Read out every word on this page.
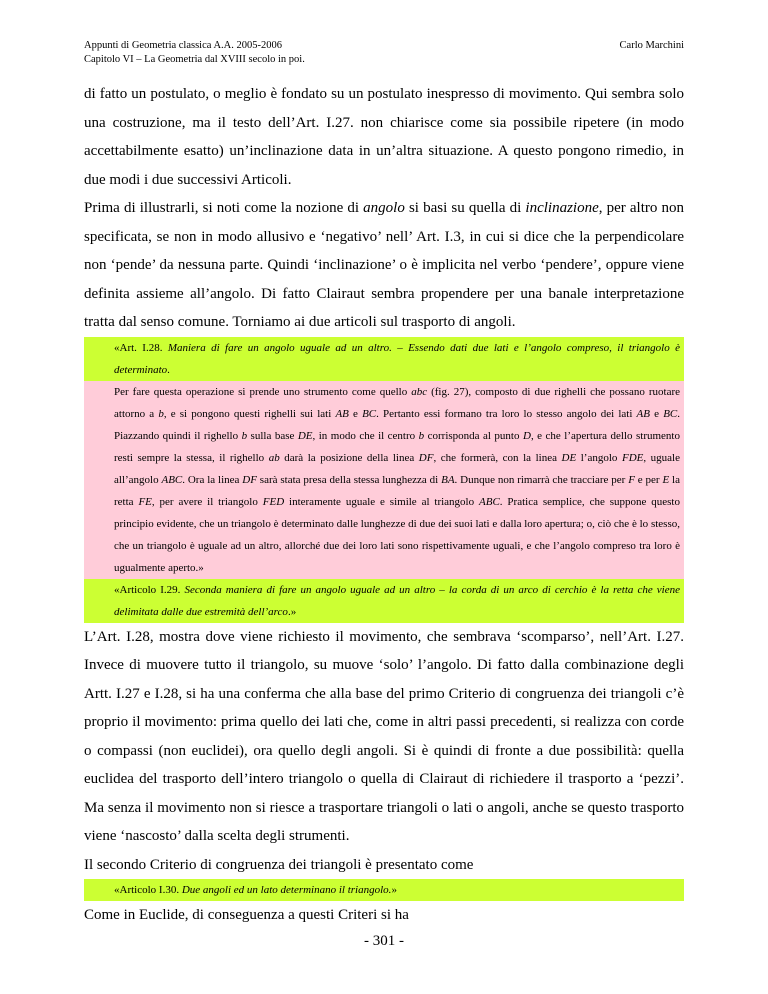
Appunti di Geometria classica A.A. 2005-2006
Capitolo VI – La Geometria dal XVIII secolo in poi.
Carlo Marchini

di fatto un postulato, o meglio è fondato su un postulato inespresso di movimento. Qui sembra solo una costruzione, ma il testo dell’Art. I.27. non chiarisce come sia possibile ripetere (in modo accettabilmente esatto) un’inclinazione data in un’altra situazione. A questo pongono rimedio, in due modi i due successivi Articoli.

Prima di illustrarli, si noti come la nozione di angolo si basi su quella di inclinazione, per altro non specificata, se non in modo allusivo e ‘negativo’ nell’ Art. I.3, in cui si dice che la perpendicolare non ‘pende’ da nessuna parte. Quindi ‘inclinazione’ o è implicita nel verbo ‘pendere’, oppure viene definita assieme all’angolo. Di fatto Clairaut sembra propendere per una banale interpretazione tratta dal senso comune. Torniamo ai due articoli sul trasporto di angoli.

«Art. I.28. Maniera di fare un angolo uguale ad un altro. – Essendo dati due lati e l’angolo compreso, il triangolo è determinato.

Per fare questa operazione si prende uno strumento come quello abc (fig. 27), composto di due righelli che possano ruotare attorno a b, e si pongono questi righelli sui lati AB e BC. Pertanto essi formano tra loro lo stesso angolo dei lati AB e BC. Piazzando quindi il righello b sulla base DE, in modo che il centro b corrisponda al punto D, e che l’apertura dello strumento resti sempre la stessa, il righello ab darà la posizione della linea DF, che formerà, con la linea DE l’angolo FDE, uguale all’angolo ABC. Ora la linea DF sarà stata presa della stessa lunghezza di BA. Dunque non rimarrà che tracciare per F e per E la retta FE, per avere il triangolo FED interamente uguale e simile al triangolo ABC. Pratica semplice, che suppone questo principio evidente, che un triangolo è determinato dalle lunghezze di due dei suoi lati e dalla loro apertura; o, ciò che è lo stesso, che un triangolo è uguale ad un altro, allorché due dei loro lati sono rispettivamente uguali, e che l’angolo compreso tra loro è ugualmente aperto.»

«Articolo I.29. Seconda maniera di fare un angolo uguale ad un altro – la corda di un arco di cerchio è la retta che viene delimitata dalle due estremità dell’arco.»

L’Art. I.28, mostra dove viene richiesto il movimento, che sembrava ‘scomparso’, nell’Art. I.27. Invece di muovere tutto il triangolo, su muove ‘solo’ l’angolo. Di fatto dalla combinazione degli Artt. I.27 e I.28, si ha una conferma che alla base del primo Criterio di congruenza dei triangoli c’è proprio il movimento: prima quello dei lati che, come in altri passi precedenti, si realizza con corde o compassi (non euclidei), ora quello degli angoli. Si è quindi di fronte a due possibilità: quella euclidea del trasporto dell’intero triangolo o quella di Clairaut di richiedere il trasporto a ‘pezzi’. Ma senza il movimento non si riesce a trasportare triangoli o lati o angoli, anche se questo trasporto viene ‘nascosto’ dalla scelta degli strumenti.

Il secondo Criterio di congruenza dei triangoli è presentato come

«Articolo I.30. Due angoli ed un lato determinano il triangolo.»

Come in Euclide, di conseguenza a questi Criteri si ha

- 301 -
